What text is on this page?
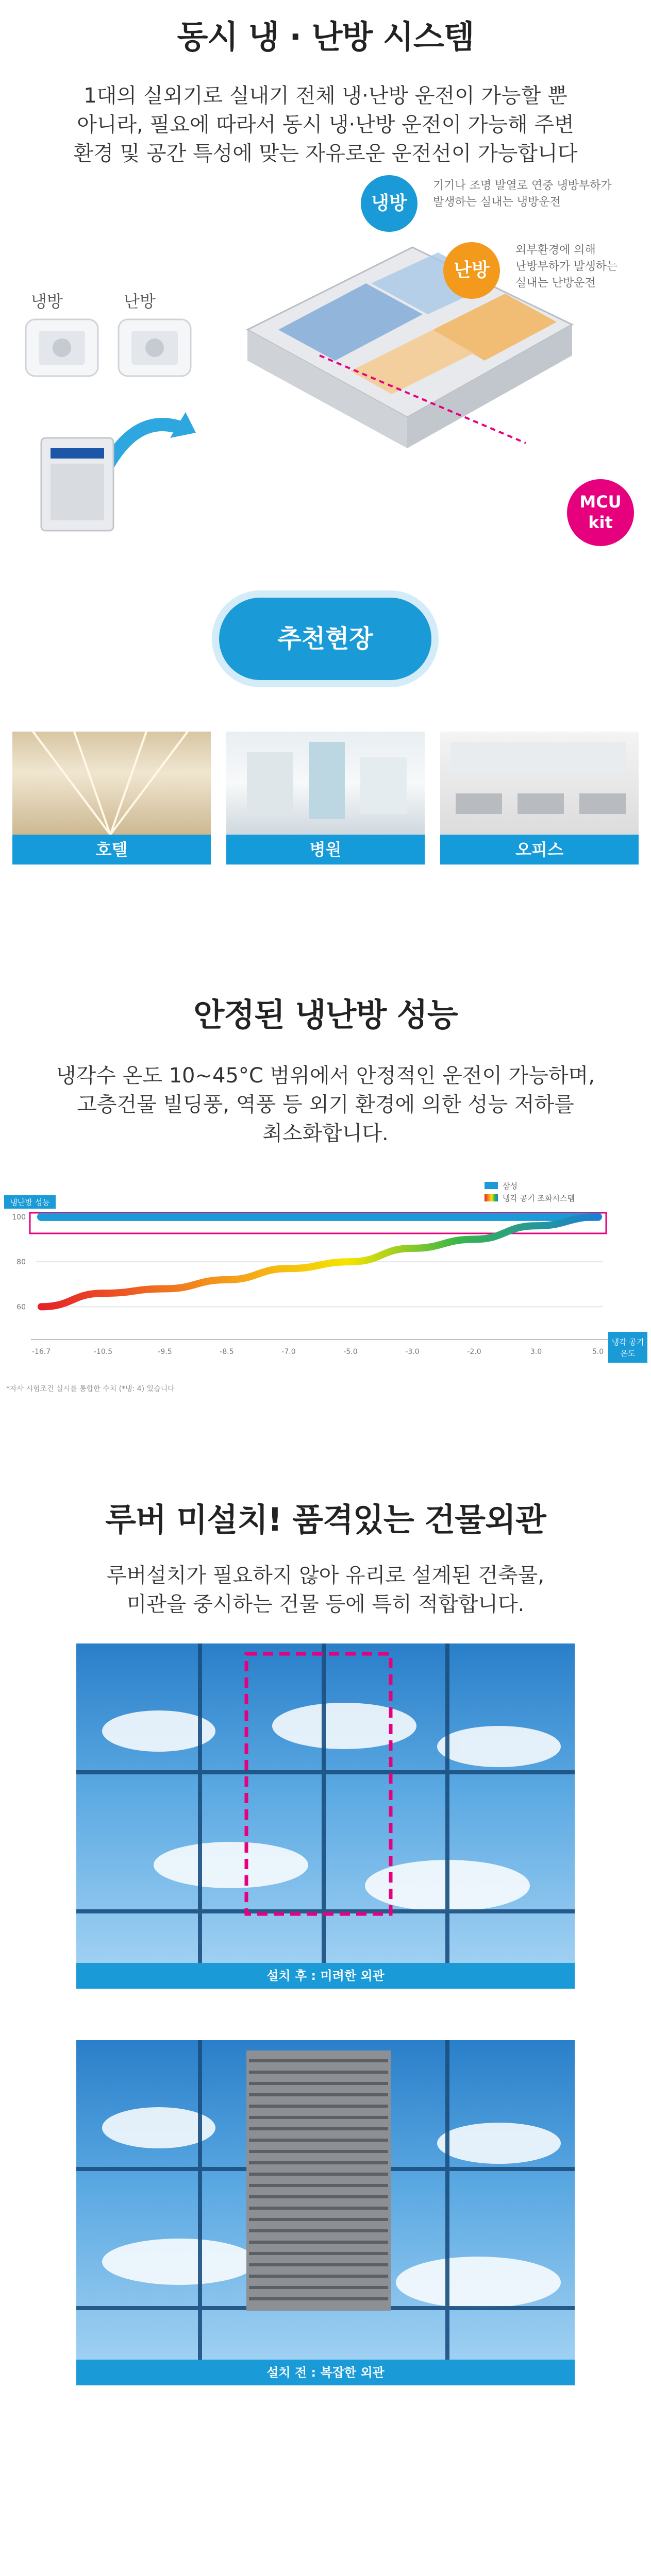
동시 냉 · 난방 시스템
1대의 실외기로 실내기 전체 냉·난방 운전이 가능할 뿐
아니라, 필요에 따라서 동시 냉·난방 운전이 가능해 주변
환경 및 공간 특성에 맞는 자유로운 운전선이 가능합니다
냉방	난방
냉방
기기나 조명 발열로 연중 냉방부하가
발생하는 실내는 냉방운전
난방
외부환경에 의해
난방부하가 발생하는
실내는 난방운전
MCU
kit
추천현장
호텔	병원	오피스
안정된 냉난방 성능
냉각수 온도 10~45°C 범위에서 안정적인 운전이 가능하며,
고층건물 빌딩풍, 역풍 등 외기 환경에 의한 성능 저하를
최소화합니다.
삼성
냉각 공기 조화시스템
냉난방 성능
100
80
60
-16.7	-10.5	-9.5	-8.5	-7.0	-5.0	-3.0	-2.0	3.0	5.0
냉각 공기
온도
*자사 시험조건 실시를 통합한 수치 (*냉: 4) 있습니다
루버 미설치! 품격있는 건물외관
루버설치가 필요하지 않아 유리로 설계된 건축물,
미관을 중시하는 건물 등에 특히 적합합니다.
설치 후 : 미려한 외관
설치 전 : 복잡한 외관
